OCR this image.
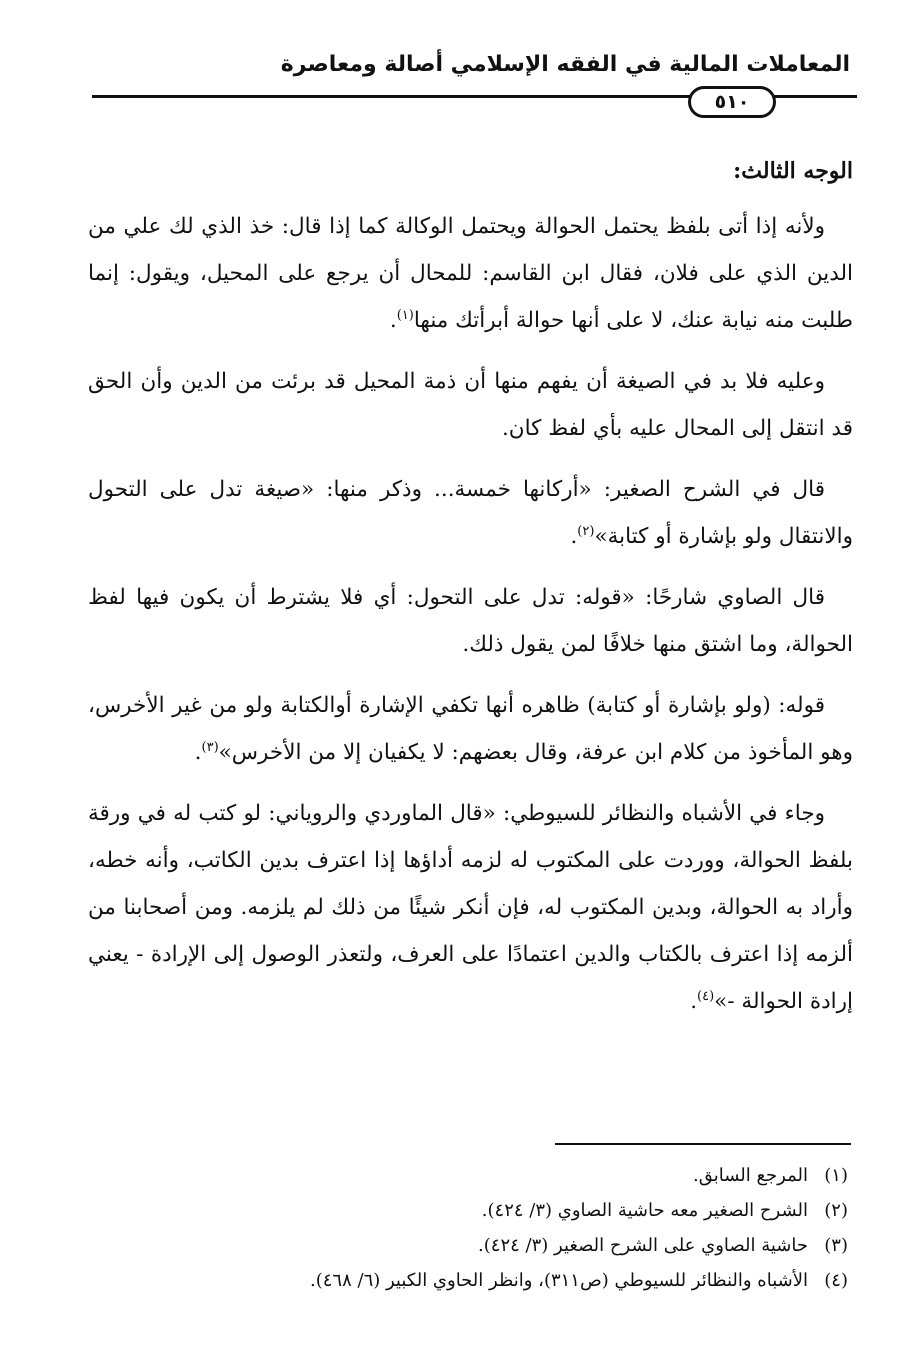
المعاملات المالية في الفقه الإسلامي أصالة ومعاصرة
٥١٠

الوجه الثالث:

ولأنه إذا أتى بلفظ يحتمل الحوالة ويحتمل الوكالة كما إذا قال: خذ الذي لك علي من الدين الذي على فلان، فقال ابن القاسم: للمحال أن يرجع على المحيل، ويقول: إنما طلبت منه نيابة عنك، لا على أنها حوالة أبرأتك منها$^{(١)}$.

وعليه فلا بد في الصيغة أن يفهم منها أن ذمة المحيل قد برئت من الدين وأن الحق قد انتقل إلى المحال عليه بأي لفظ كان.

قال في الشرح الصغير: «أركانها خمسة... وذكر منها: «صيغة تدل على التحول والانتقال ولو بإشارة أو كتابة»$^{(٢)}$.

قال الصاوي شارحًا: «قوله: تدل على التحول: أي فلا يشترط أن يكون فيها لفظ الحوالة، وما اشتق منها خلافًا لمن يقول ذلك.

قوله: (ولو بإشارة أو كتابة) ظاهره أنها تكفي الإشارة أوالكتابة ولو من غير الأخرس، وهو المأخوذ من كلام ابن عرفة، وقال بعضهم: لا يكفيان إلا من الأخرس»$^{(٣)}$.

وجاء في الأشباه والنظائر للسيوطي: «قال الماوردي والروياني: لو كتب له في ورقة بلفظ الحوالة، ووردت على المكتوب له لزمه أداؤها إذا اعترف بدين الكاتب، وأنه خطه، وأراد به الحوالة، وبدين المكتوب له، فإن أنكر شيئًا من ذلك لم يلزمه. ومن أصحابنا من ألزمه إذا اعترف بالكتاب والدين اعتمادًا على العرف، ولتعذر الوصول إلى الإرادة - يعني إرادة الحوالة -»$^{(٤)}$.

(١)المرجع السابق.

(٢)الشرح الصغير معه حاشية الصاوي (٣/ ٤٢٤).

(٣)حاشية الصاوي على الشرح الصغير (٣/ ٤٢٤).

(٤)الأشباه والنظائر للسيوطي (ص٣١١)، وانظر الحاوي الكبير (٦/ ٤٦٨).
